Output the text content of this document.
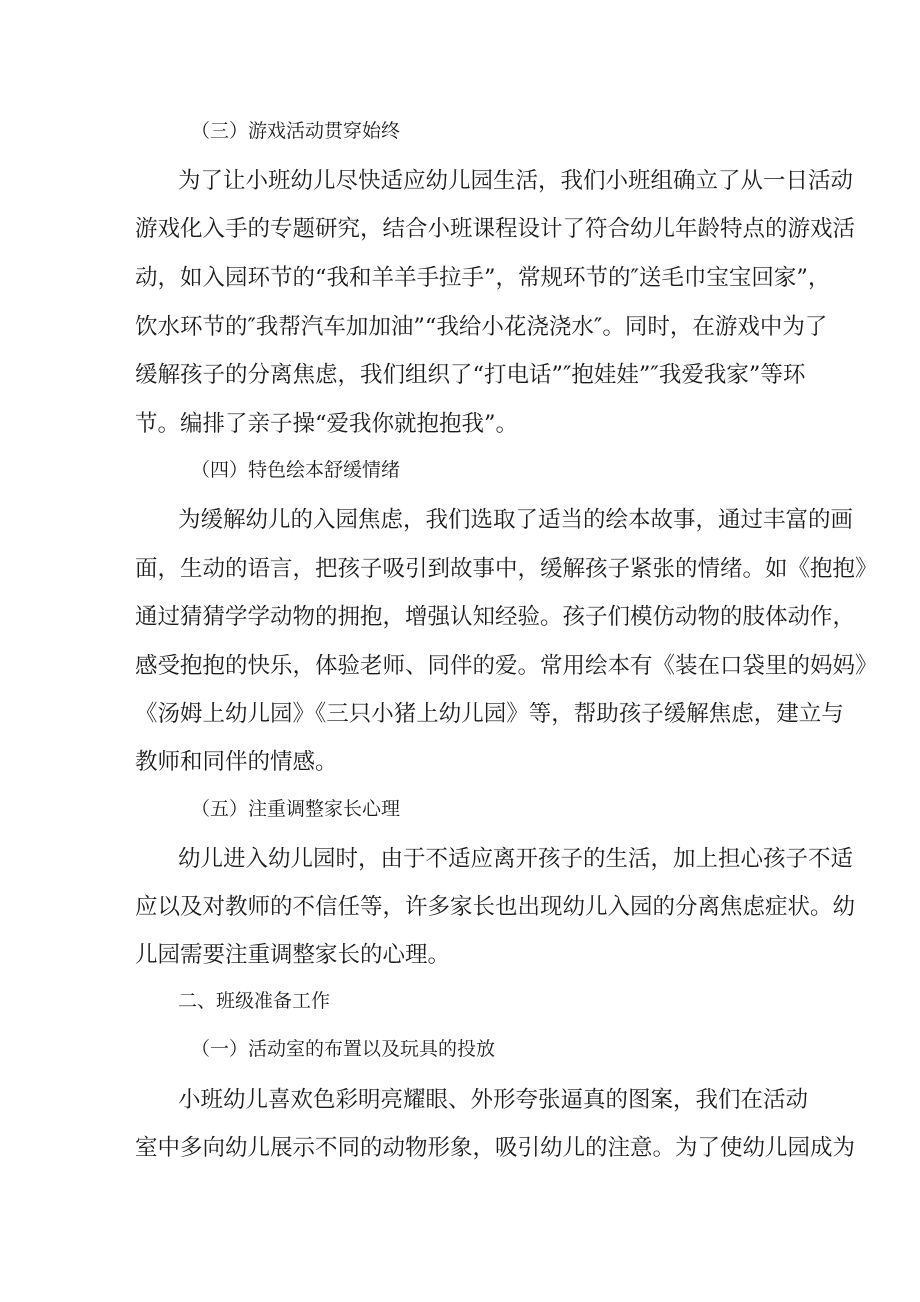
（三）游戏活动贯穿始终
为了让小班幼儿尽快适应幼儿园生活，我们小班组确立了从一日活动
游戏化入手的专题研究，结合小班课程设计了符合幼儿年龄特点的游戏活
动，如入园环节的“我和羊羊手拉手”，常规环节的″送毛巾宝宝回家”，
饮水环节的″我帮汽车加加油”“我给小花浇浇水″。同时，在游戏中为了
缓解孩子的分离焦虑，我们组织了“打电话”″抱娃娃”″我爱我家”等环
节。编排了亲子操“爱我你就抱抱我”。
（四）特色绘本舒缓情绪
为缓解幼儿的入园焦虑，我们选取了适当的绘本故事，通过丰富的画
面，生动的语言，把孩子吸引到故事中，缓解孩子紧张的情绪。如《抱抱》
通过猜猜学学动物的拥抱，增强认知经验。孩子们模仿动物的肢体动作，
感受抱抱的快乐，体验老师、同伴的爱。常用绘本有《装在口袋里的妈妈》
《汤姆上幼儿园》《三只小猪上幼儿园》等，帮助孩子缓解焦虑，建立与
教师和同伴的情感。
（五）注重调整家长心理
幼儿进入幼儿园时，由于不适应离开孩子的生活，加上担心孩子不适
应以及对教师的不信任等，许多家长也出现幼儿入园的分离焦虑症状。幼
儿园需要注重调整家长的心理。
二、班级准备工作
（一）活动室的布置以及玩具的投放
小班幼儿喜欢色彩明亮耀眼、外形夸张逼真的图案，我们在活动
室中多向幼儿展示不同的动物形象，吸引幼儿的注意。为了使幼儿园成为
